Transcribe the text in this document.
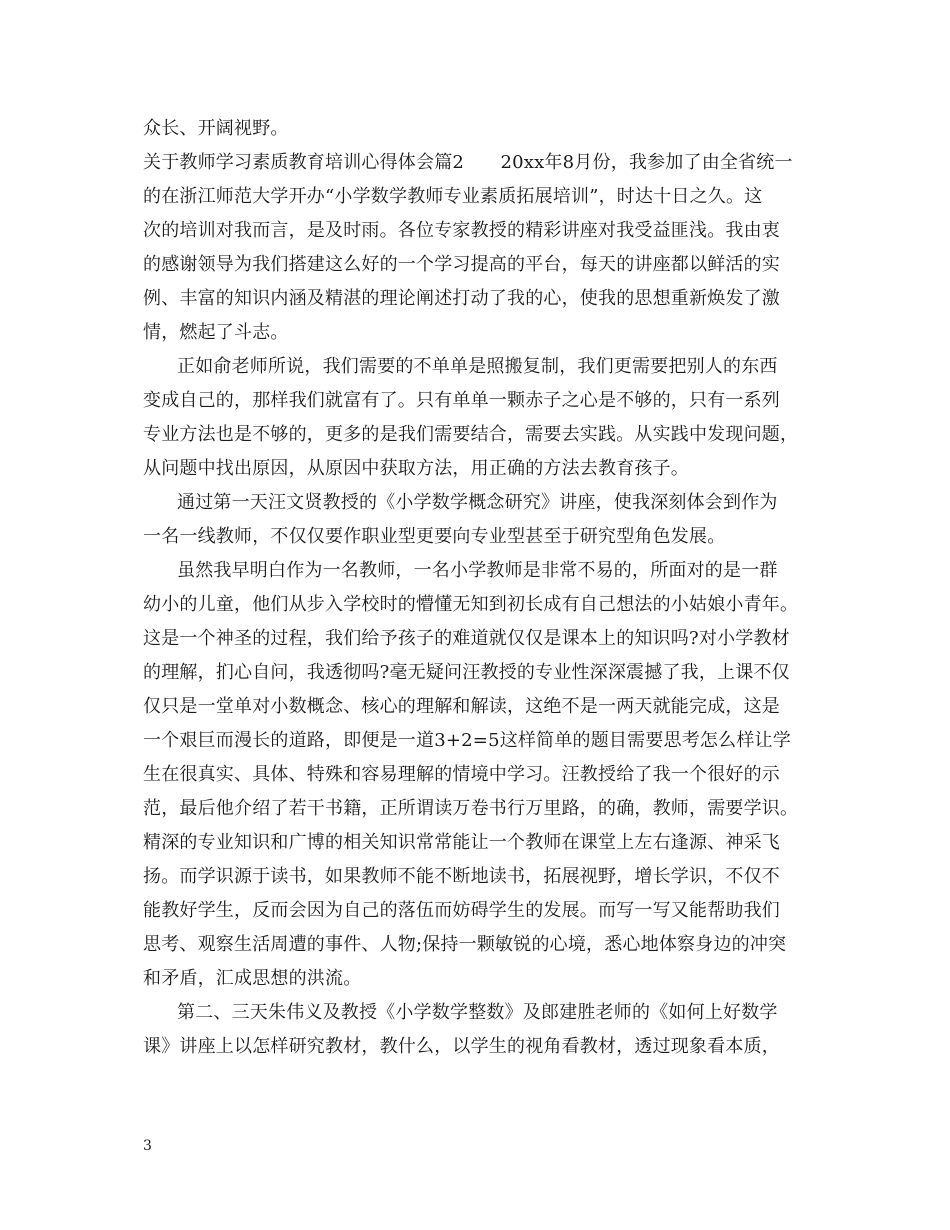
众长、开阔视野。
关于教师学习素质教育培训心得体会篇2　　20xx年8月份，我参加了由全省统一
的在浙江师范大学开办“小学数学教师专业素质拓展培训”，时达十日之久。这
次的培训对我而言，是及时雨。各位专家教授的精彩讲座对我受益匪浅。我由衷
的感谢领导为我们搭建这么好的一个学习提高的平台，每天的讲座都以鲜活的实
例、丰富的知识内涵及精湛的理论阐述打动了我的心，使我的思想重新焕发了激
情，燃起了斗志。
正如俞老师所说，我们需要的不单单是照搬复制，我们更需要把别人的东西
变成自己的，那样我们就富有了。只有单单一颗赤子之心是不够的，只有一系列
专业方法也是不够的，更多的是我们需要结合，需要去实践。从实践中发现问题，
从问题中找出原因，从原因中获取方法，用正确的方法去教育孩子。
通过第一天汪文贤教授的《小学数学概念研究》讲座，使我深刻体会到作为
一名一线教师，不仅仅要作职业型更要向专业型甚至于研究型角色发展。
虽然我早明白作为一名教师，一名小学教师是非常不易的，所面对的是一群
幼小的儿童，他们从步入学校时的懵懂无知到初长成有自己想法的小姑娘小青年。
这是一个神圣的过程，我们给予孩子的难道就仅仅是课本上的知识吗?对小学教材
的理解，扪心自问，我透彻吗?毫无疑问汪教授的专业性深深震撼了我，上课不仅
仅只是一堂单对小数概念、核心的理解和解读，这绝不是一两天就能完成，这是
一个艰巨而漫长的道路，即便是一道3+2=5这样简单的题目需要思考怎么样让学
生在很真实、具体、特殊和容易理解的情境中学习。汪教授给了我一个很好的示
范，最后他介绍了若干书籍，正所谓读万卷书行万里路，的确，教师，需要学识。
精深的专业知识和广博的相关知识常常能让一个教师在课堂上左右逢源、神采飞
扬。而学识源于读书，如果教师不能不断地读书，拓展视野，增长学识，不仅不
能教好学生，反而会因为自己的落伍而妨碍学生的发展。而写一写又能帮助我们
思考、观察生活周遭的事件、人物;保持一颗敏锐的心境，悉心地体察身边的冲突
和矛盾，汇成思想的洪流。
第二、三天朱伟义及教授《小学数学整数》及郎建胜老师的《如何上好数学
课》讲座上以怎样研究教材，教什么，以学生的视角看教材，透过现象看本质，
3
